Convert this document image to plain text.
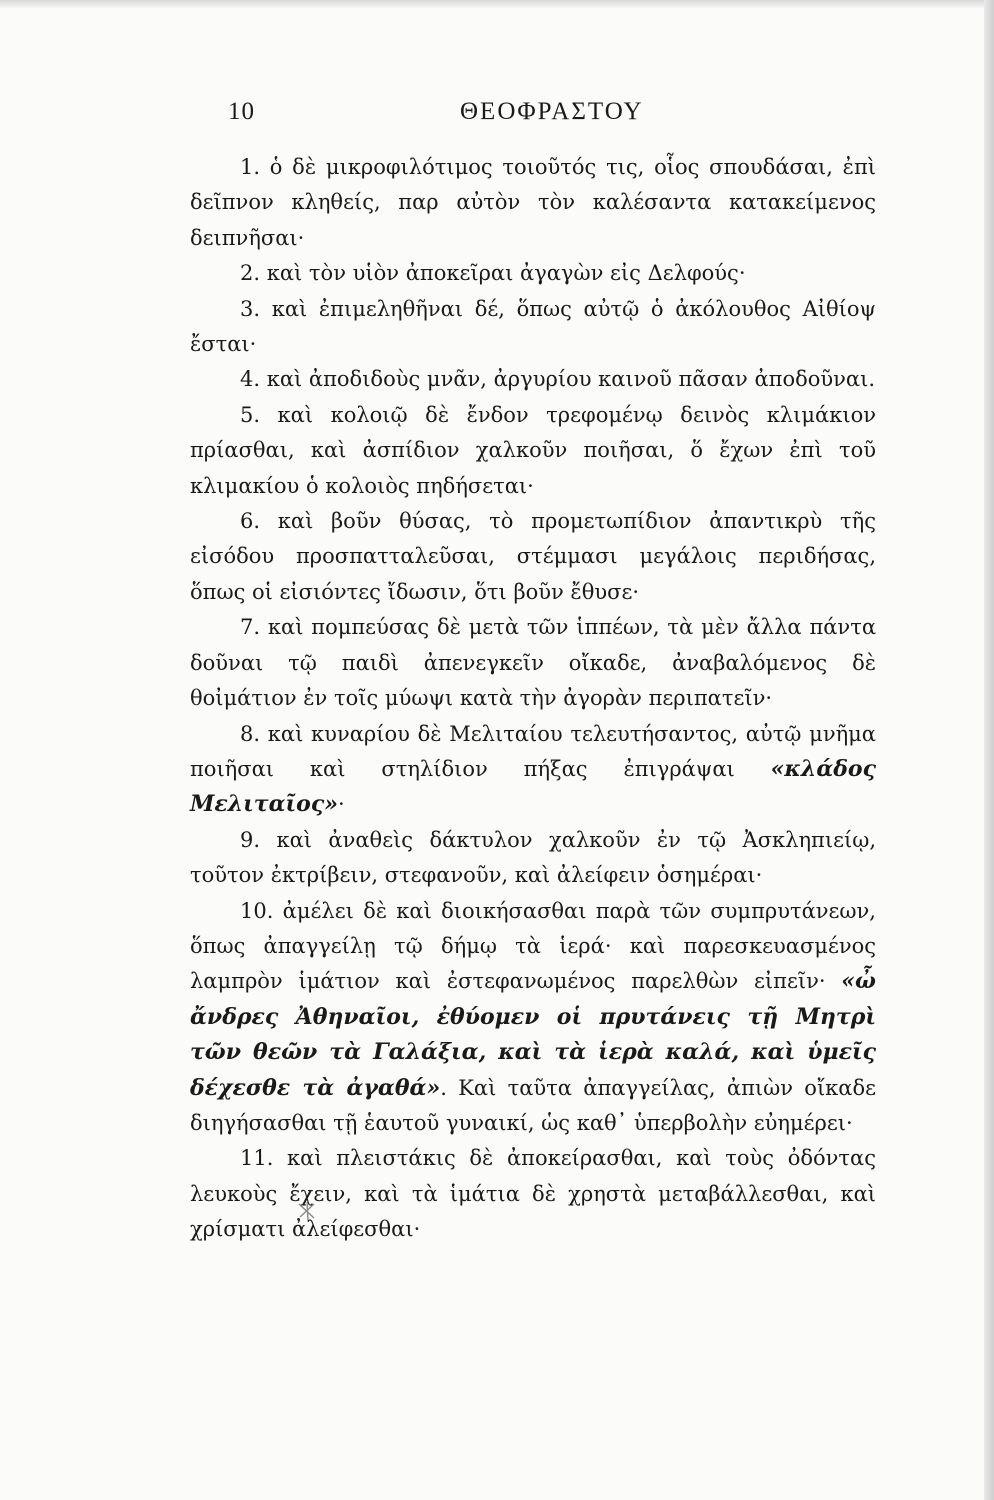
10	ΘΕΟΦΡΑΣΤΟΥ

1. ὁ δὲ μικροφιλότιμος τοιοῦτός τις, οἷος σπουδάσαι, ἐπὶ δεῖπνον κληθείς, παρ αὐτὸν τὸν καλέσαντα κατακείμενος δειπνῆσαι·

2. καὶ τὸν υἱὸν ἀποκεῖραι ἀγαγὼν εἰς Δελφούς·

3. καὶ ἐπιμεληθῆναι δέ, ὅπως αὐτῷ ὁ ἀκόλουθος Αἰθίοψ ἔσται·

4. καὶ ἀποδιδοὺς μνᾶν, ἀργυρίου καινοῦ πᾶσαν ἀποδοῦναι.

5. καὶ κολοιῷ δὲ ἔνδον τρεφομένῳ δεινὸς κλιμάκιον πρίασθαι, καὶ ἀσπίδιον χαλκοῦν ποιῆσαι, ὅ ἔχων ἐπὶ τοῦ κλιμακίου ὁ κολοιὸς πηδήσεται·

6. καὶ βοῦν θύσας, τὸ προμετωπίδιον ἀπαντικρὺ τῆς εἰσόδου προσπατταλεῦσαι, στέμμασι μεγάλοις περιδήσας, ὅπως οἱ εἰσιόντες ἴδωσιν, ὅτι βοῦν ἔθυσε·

7. καὶ πομπεύσας δὲ μετὰ τῶν ἱππέων, τὰ μὲν ἄλλα πάντα δοῦναι τῷ παιδὶ ἀπενεγκεῖν οἴκαδε, ἀναβαλόμενος δὲ θοἰμάτιον ἐν τοῖς μύωψι κατὰ τὴν ἀγορὰν περιπατεῖν·

8. καὶ κυναρίου δὲ Μελιταίου τελευτήσαντος, αὐτῷ μνῆμα ποιῆσαι καὶ στηλίδιον πήξας ἐπιγράψαι «κλάδος Μελιταῖος»·

9. καὶ ἀναθεὶς δάκτυλον χαλκοῦν ἐν τῷ Ἀσκληπιείῳ, τοῦτον ἐκτρίβειν, στεφανοῦν, καὶ ἀλείφειν ὁσημέραι·

10. ἀμέλει δὲ καὶ διοικήσασθαι παρὰ τῶν συμπρυτάνεων, ὅπως ἀπαγγείλῃ τῷ δήμῳ τὰ ἱερά· καὶ παρεσκευασμένος λαμπρὸν ἱμάτιον καὶ ἐστεφανωμένος παρελθὼν εἰπεῖν· «ὦ ἄνδρες Ἀθηναῖοι, ἐθύομεν οἱ πρυτάνεις τῇ Μητρὶ τῶν θεῶν τὰ Γαλάξια, καὶ τὰ ἱερὰ καλά, καὶ ὑμεῖς δέχεσθε τὰ ἀγαθά». Καὶ ταῦτα ἀπαγγείλας, ἀπιὼν οἴκαδε διηγήσασθαι τῇ ἑαυτοῦ γυναικί, ὡς καθ᾿ ὑπερβολὴν εὐημέρει·

11. καὶ πλειστάκις δὲ ἀποκείρασθαι, καὶ τοὺς ὀδόντας λευκοὺς ἔχειν, καὶ τὰ ἱμάτια δὲ χρηστὰ μεταβάλλεσθαι, καὶ χρίσματι ἀλείφεσθαι·
